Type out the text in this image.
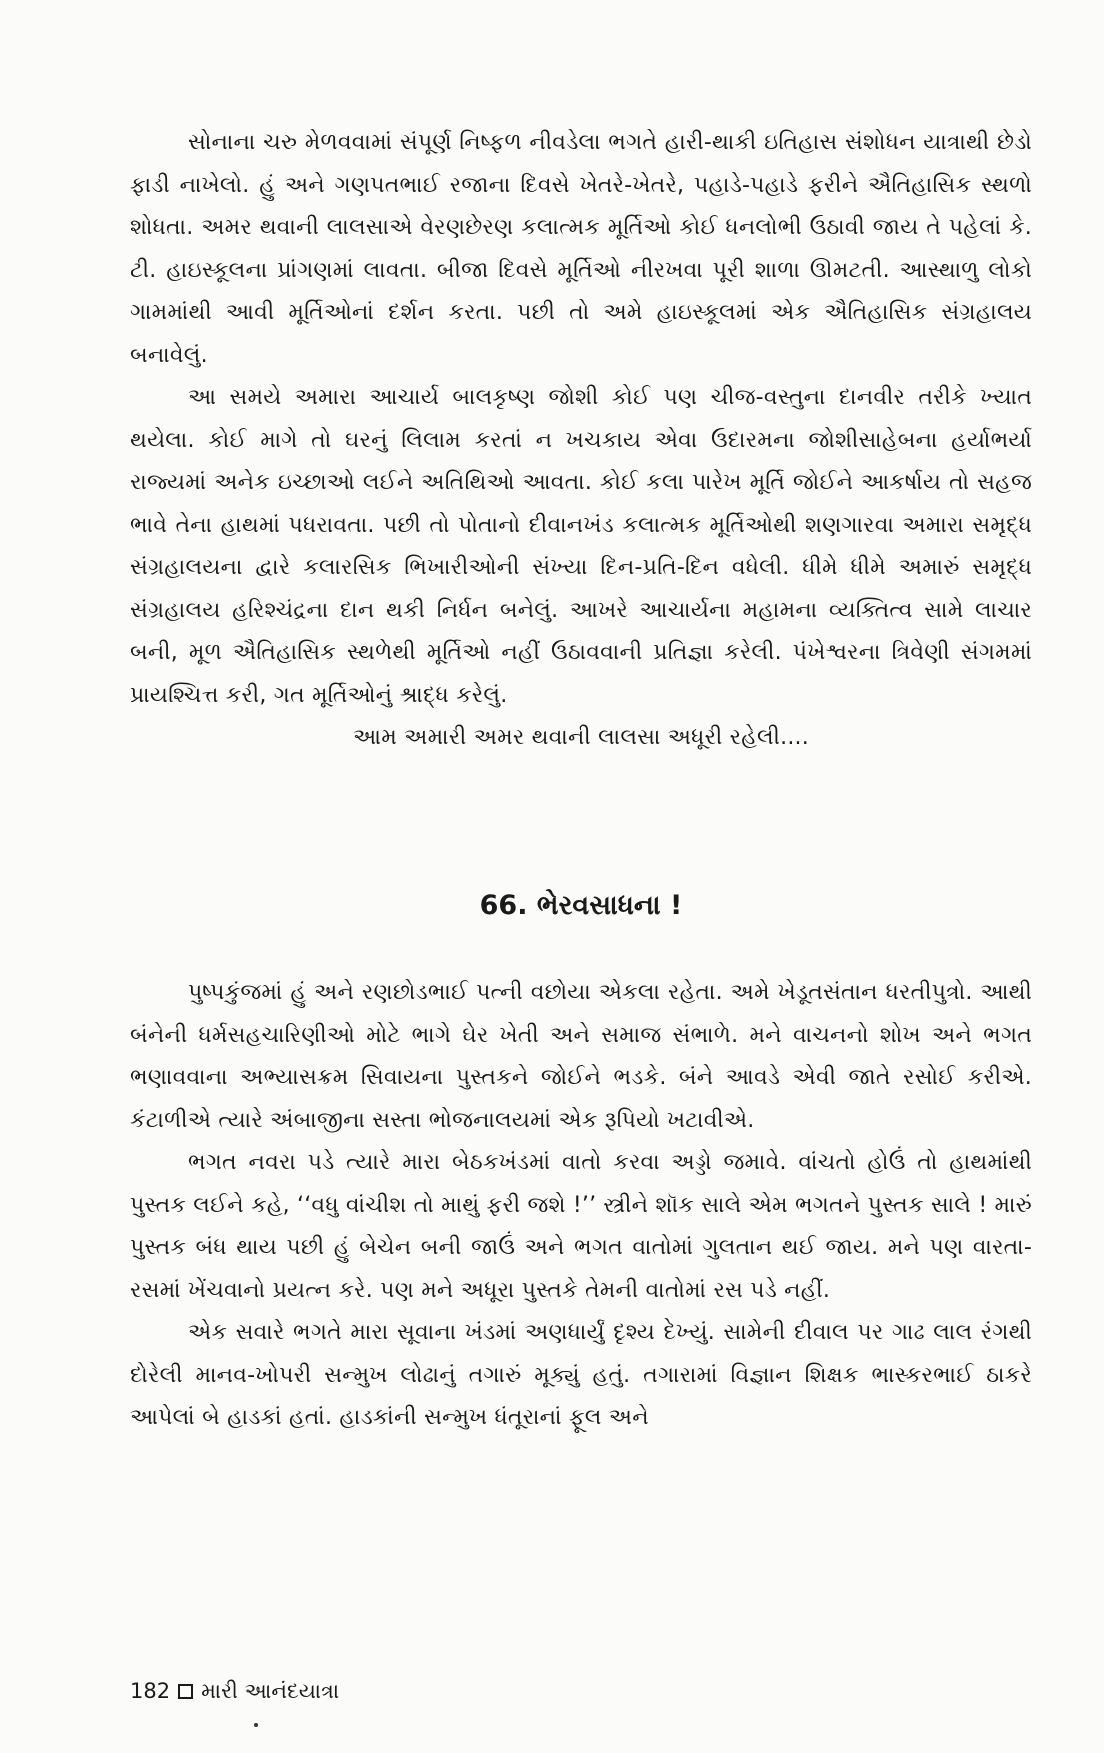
સોનાના ચરુ મેળવવામાં સંપૂર્ણ નિષ્ફળ નીવડેલા ભગતે હારી-થાકી ઇતિહાસ સંશોધન યાત્રાથી છેડો ફાડી નાખેલો. હું અને ગણપતભાઈ રજાના દિવસે ખેતરે-ખેતરે, પહાડે-પહાડે ફરીને ઐતિહાસિક સ્થળો શોધતા. અમર થવાની લાલસાએ વેરણછેરણ કલાત્મક મૂર્તિઓ કોઈ ધનલોભી ઉઠાવી જાય તે પહેલાં કે. ટી. હાઇસ્કૂલના પ્રાંગણમાં લાવતા. બીજા દિવસે મૂર્તિઓ નીરખવા પૂરી શાળા ઊમટતી. આસ્થાળુ લોકો ગામમાંથી આવી મૂર્તિઓનાં દર્શન કરતા. પછી તો અમે હાઇસ્કૂલમાં એક ઐતિહાસિક સંગ્રહાલય બનાવેલું.

આ સમયે અમારા આચાર્ય બાલકૃષ્ણ જોશી કોઈ પણ ચીજ-વસ્તુના દાનવીર તરીકે ખ્યાત થયેલા. કોઈ માગે તો ઘરનું લિલામ કરતાં ન ખચકાય એવા ઉદારમના જોશીસાહેબના હર્યાભર્યા રાજ્યમાં અનેક ઇચ્છાઓ લઈને અતિથિઓ આવતા. કોઈ કલા પારેખ મૂર્તિ જોઈને આકર્ષાય તો સહજ ભાવે તેના હાથમાં પધરાવતા. પછી તો પોતાનો દીવાનખંડ કલાત્મક મૂર્તિઓથી શણગારવા અમારા સમૃદ્ધ સંગ્રહાલયના દ્વારે કલારસિક ભિખારીઓની સંખ્યા દિન-પ્રતિ-દિન વધેલી. ધીમે ધીમે અમારું સમૃદ્ધ સંગ્રહાલય હરિશ્ચંદ્રના દાન થકી નિર્ધન બનેલું. આખરે આચાર્યના મહામના વ્યક્તિત્વ સામે લાચાર બની, મૂળ ઐતિહાસિક સ્થળેથી મૂર્તિઓ નહીં ઉઠાવવાની પ્રતિજ્ઞા કરેલી. પંખેશ્વરના ત્રિવેણી સંગમમાં પ્રાયશ્ચિત્ત કરી, ગત મૂર્તિઓનું શ્રાદ્ધ કરેલું.

આમ અમારી અમર થવાની લાલસા અધૂરી રહેલી....

66. ભેરવસાધના !

પુષ્પકુંજમાં હું અને રણછોડભાઈ પત્ની વછોયા એકલા રહેતા. અમે ખેડૂતસંતાન ધરતીપુત્રો. આથી બંનેની ધર્મસહચારિણીઓ મોટે ભાગે ઘેર ખેતી અને સમાજ સંભાળે. મને વાચનનો શોખ અને ભગત ભણાવવાના અભ્યાસક્રમ સિવાયના પુસ્તકને જોઈને ભડકે. બંને આવડે એવી જાતે રસોઈ કરીએ. કંટાળીએ ત્યારે અંબાજીના સસ્તા ભોજનાલયમાં એક રૂપિયો ખટાવીએ.

ભગત નવરા પડે ત્યારે મારા બેઠકખંડમાં વાતો કરવા અડ્ડો જમાવે. વાંચતો હોઉં તો હાથમાંથી પુસ્તક લઈને કહે, ‘‘વધુ વાંચીશ તો માથું ફરી જશે !’’ સ્ત્રીને શૉક સાલે એમ ભગતને પુસ્તક સાલે ! મારું પુસ્તક બંધ થાય પછી હું બેચેન બની જાઉં અને ભગત વાતોમાં ગુલતાન થઈ જાય. મને પણ વારતા-રસમાં ખેંચવાનો પ્રયત્ન કરે. પણ મને અધૂરા પુસ્તકે તેમની વાતોમાં રસ પડે નહીં.

એક સવારે ભગતે મારા સૂવાના ખંડમાં અણધાર્યું દૃશ્ય દેખ્યું. સામેની દીવાલ પર ગાઢ લાલ રંગથી દોરેલી માનવ-ખોપરી સન્મુખ લોઢાનું તગારું મૂક્યું હતું. તગારામાં વિજ્ઞાન શિક્ષક ભાસ્કરભાઈ ઠાકરે આપેલાં બે હાડકાં હતાં. હાડકાંની સન્મુખ ધંતૂરાનાં ફૂલ અને

182 મારી આનંદયાત્રા
